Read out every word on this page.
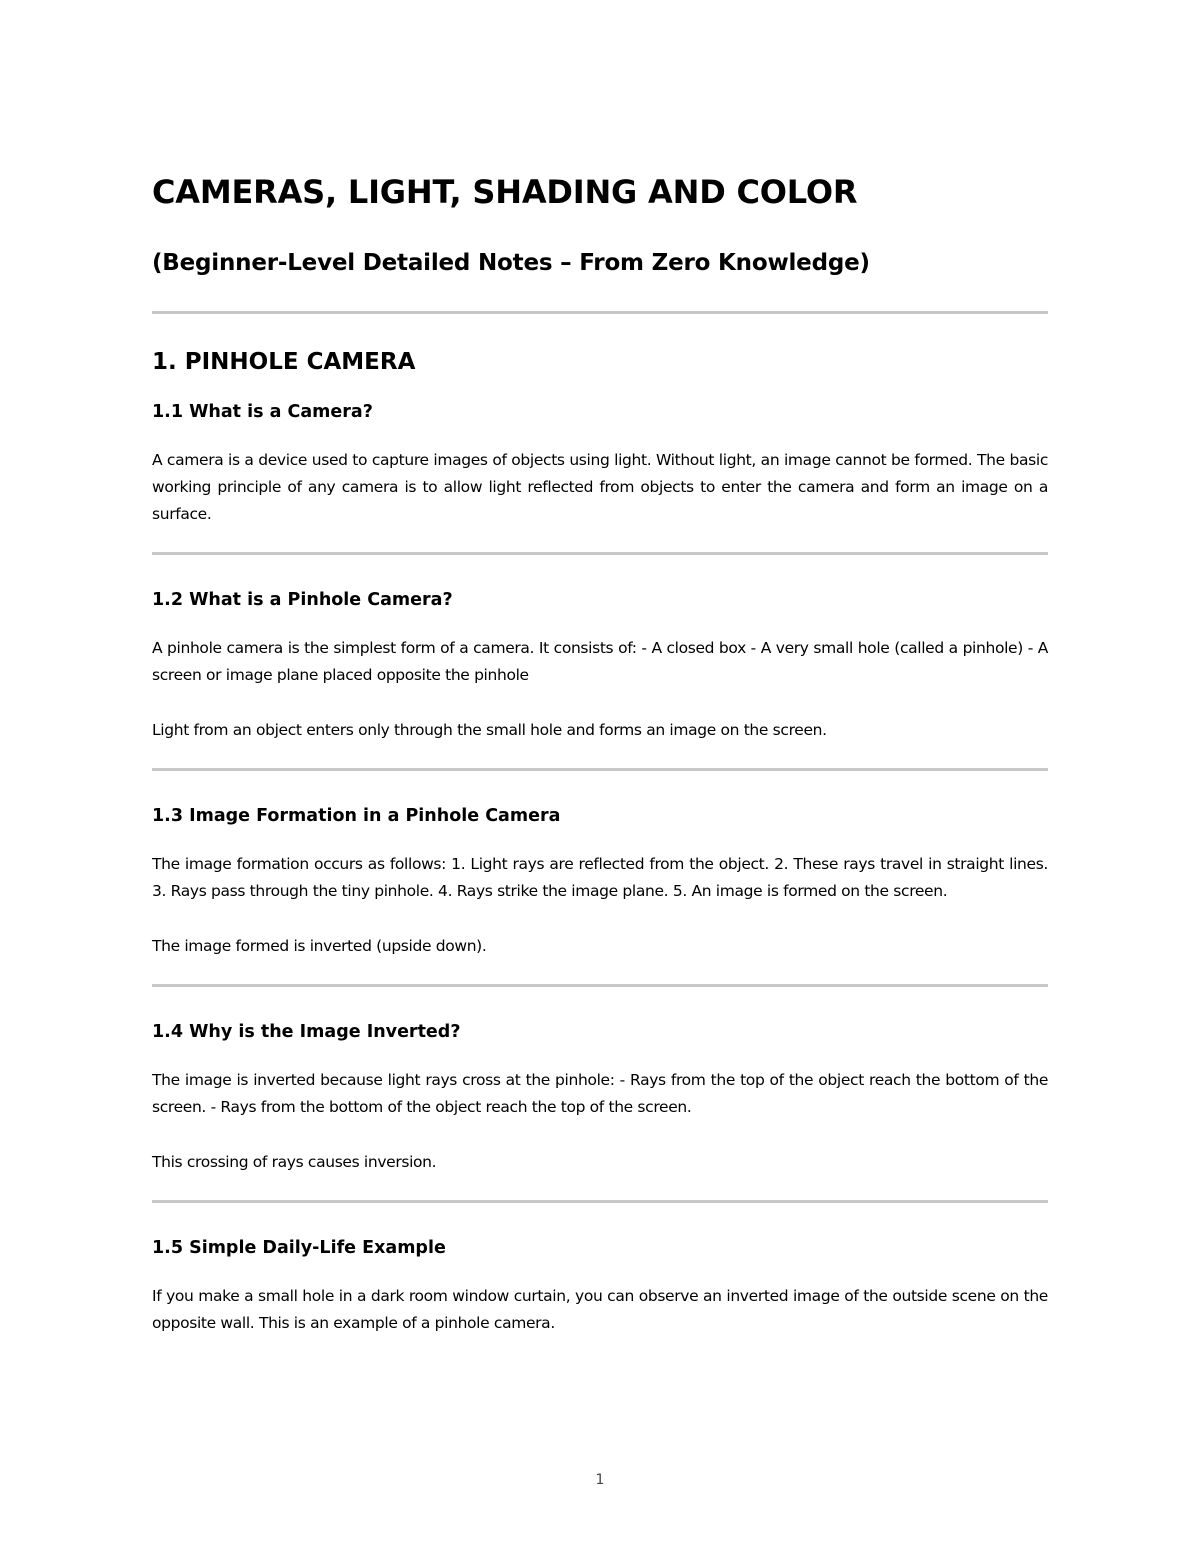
CAMERAS, LIGHT, SHADING AND COLOR
(Beginner-Level Detailed Notes – From Zero Knowledge)
1. PINHOLE CAMERA
1.1 What is a Camera?

A camera is a device used to capture images of objects using light. Without light, an image cannot be formed. The basic working principle of any camera is to allow light reflected from objects to enter the camera and form an image on a surface.

1.2 What is a Pinhole Camera?

A pinhole camera is the simplest form of a camera. It consists of: - A closed box - A very small hole (called a pinhole) - A screen or image plane placed opposite the pinhole

Light from an object enters only through the small hole and forms an image on the screen.

1.3 Image Formation in a Pinhole Camera

The image formation occurs as follows: 1. Light rays are reflected from the object. 2. These rays travel in straight lines. 3. Rays pass through the tiny pinhole. 4. Rays strike the image plane. 5. An image is formed on the screen.

The image formed is inverted (upside down).

1.4 Why is the Image Inverted?

The image is inverted because light rays cross at the pinhole: - Rays from the top of the object reach the bottom of the screen. - Rays from the bottom of the object reach the top of the screen.

This crossing of rays causes inversion.

1.5 Simple Daily-Life Example

If you make a small hole in a dark room window curtain, you can observe an inverted image of the outside scene on the opposite wall. This is an example of a pinhole camera.

1
